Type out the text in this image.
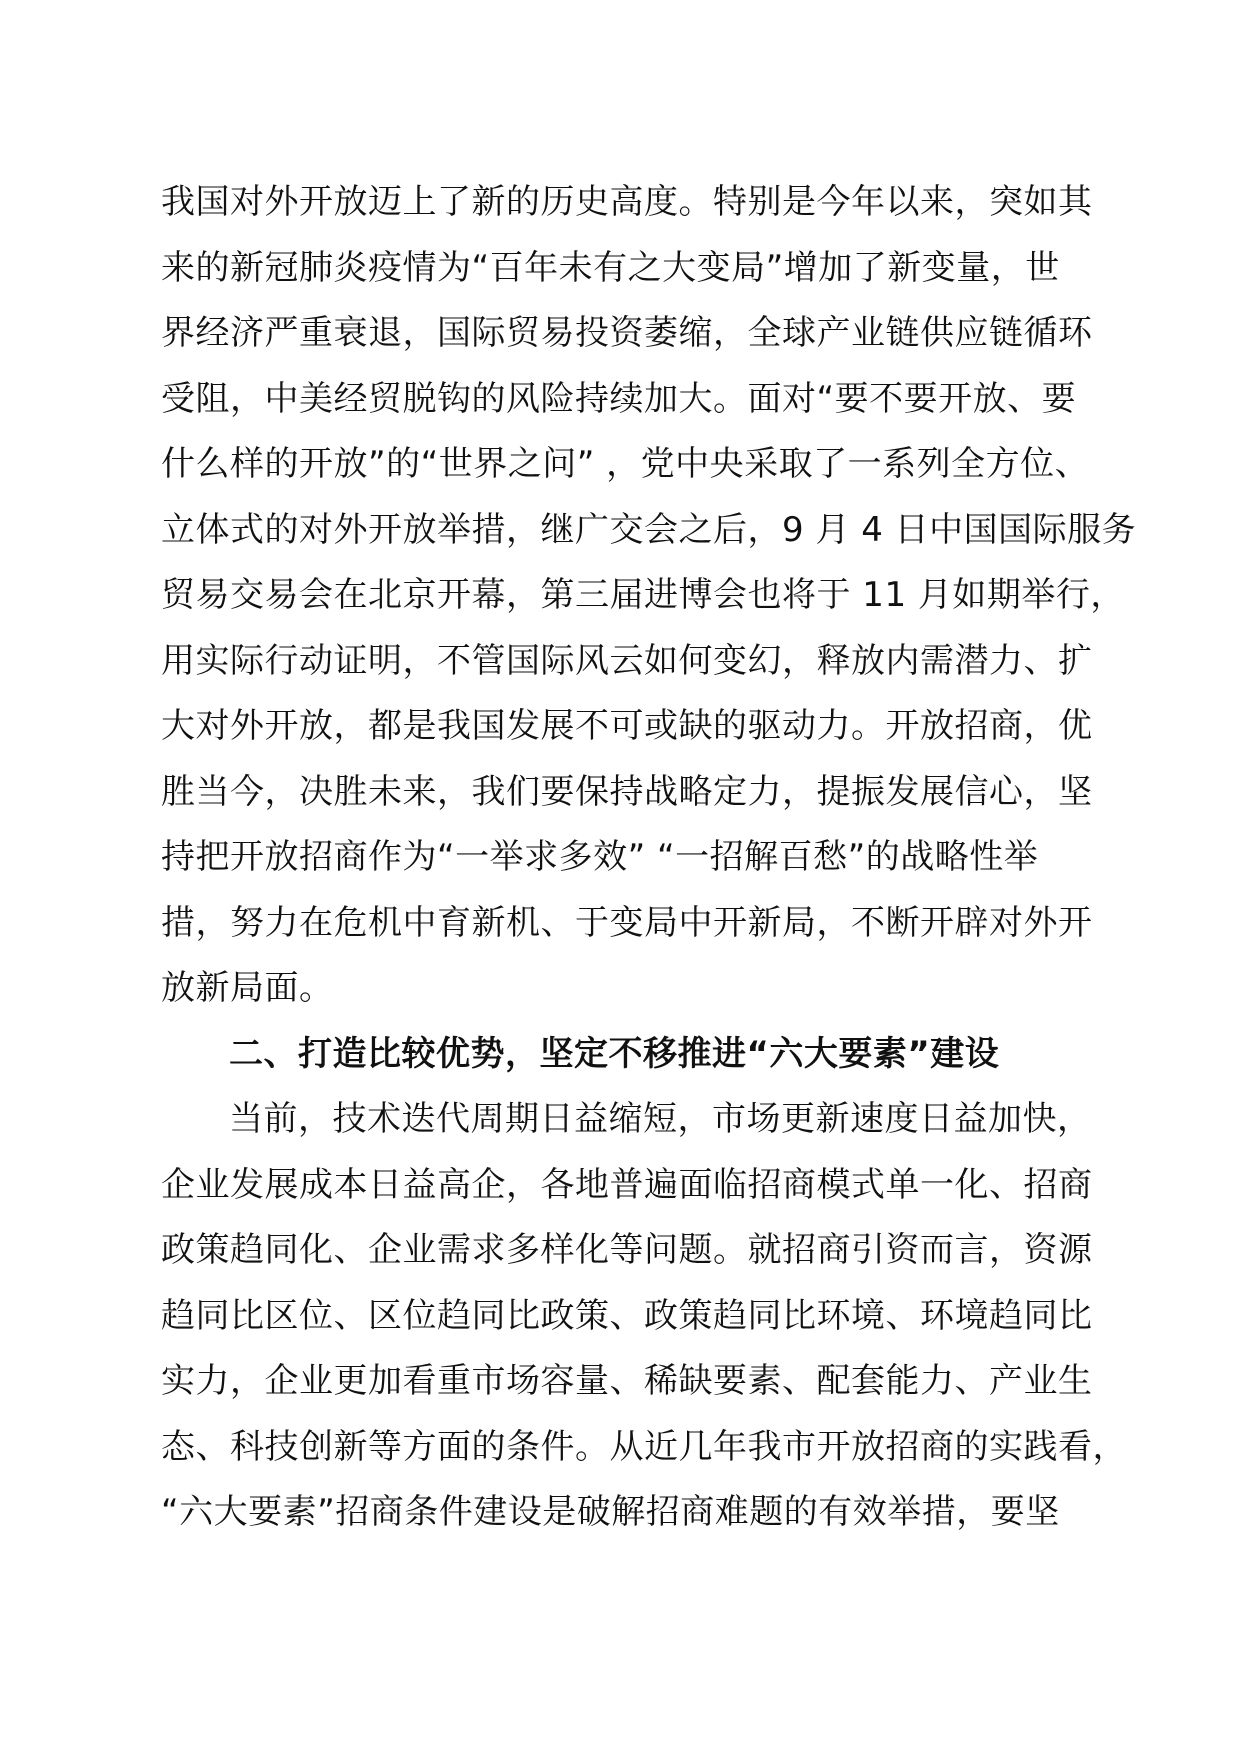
我国对外开放迈上了新的历史高度。特别是今年以来，突如其
来的新冠肺炎疫情为“百年未有之大变局”增加了新变量，世
界经济严重衰退，国际贸易投资萎缩，全球产业链供应链循环
受阻，中美经贸脱钩的风险持续加大。面对“要不要开放、要
什么样的开放”的“世界之问” ，党中央采取了一系列全方位、
立体式的对外开放举措，继广交会之后，9 月 4 日中国国际服务
贸易交易会在北京开幕，第三届进博会也将于 11 月如期举行，
用实际行动证明，不管国际风云如何变幻，释放内需潜力、扩
大对外开放，都是我国发展不可或缺的驱动力。开放招商，优
胜当今，决胜未来，我们要保持战略定力，提振发展信心，坚
持把开放招商作为“一举求多效” “一招解百愁”的战略性举
措，努力在危机中育新机、于变局中开新局，不断开辟对外开
放新局面。
二、打造比较优势，坚定不移推进“六大要素”建设
当前，技术迭代周期日益缩短，市场更新速度日益加快，
企业发展成本日益高企，各地普遍面临招商模式单一化、招商
政策趋同化、企业需求多样化等问题。就招商引资而言，资源
趋同比区位、区位趋同比政策、政策趋同比环境、环境趋同比
实力，企业更加看重市场容量、稀缺要素、配套能力、产业生
态、科技创新等方面的条件。从近几年我市开放招商的实践看，
“六大要素”招商条件建设是破解招商难题的有效举措，要坚
